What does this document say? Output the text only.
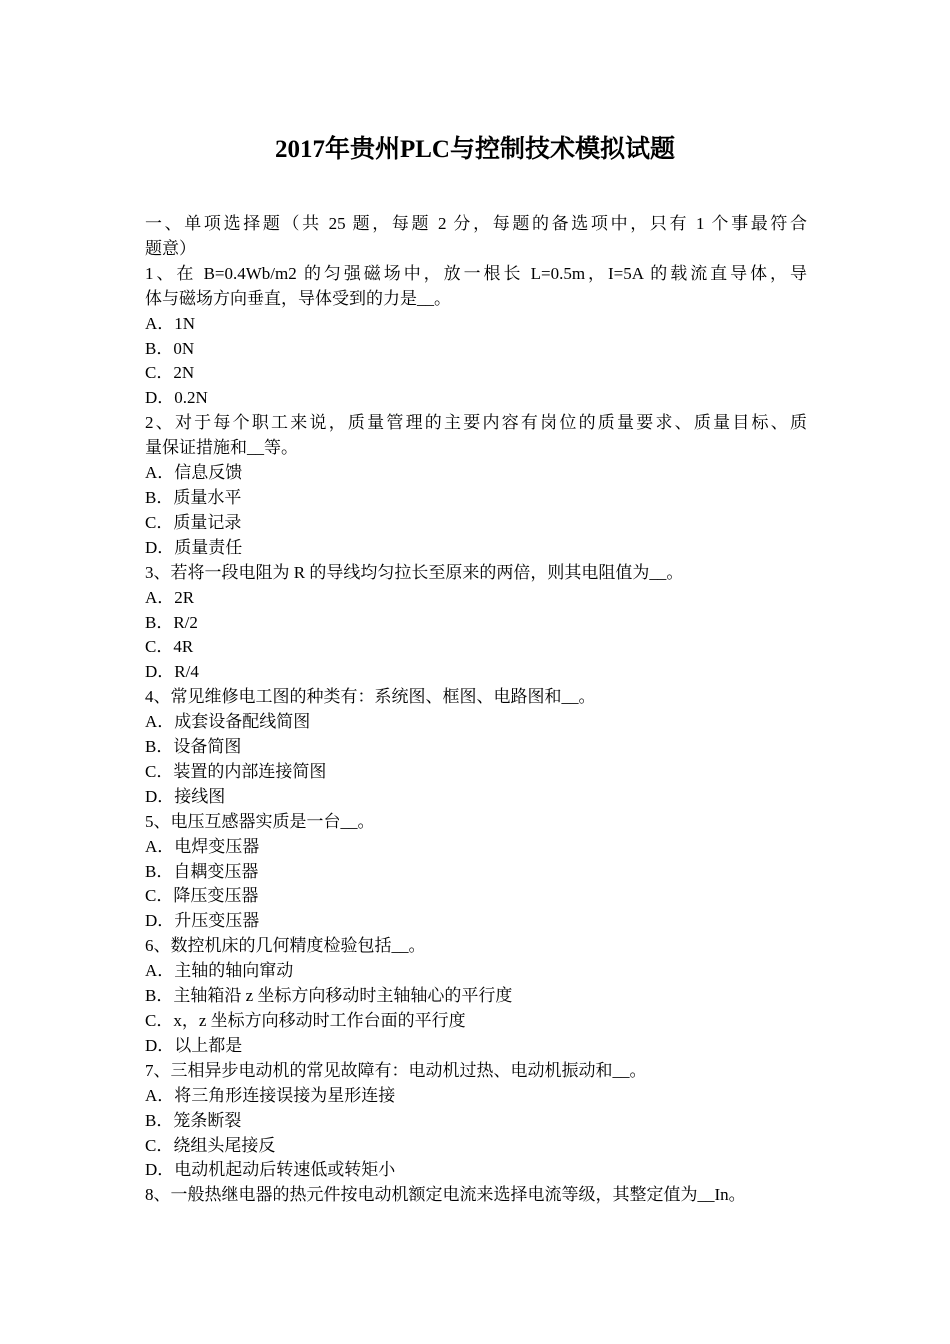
2017年贵州PLC与控制技术模拟试题

一、单项选择题（共 25 题，每题 2 分，每题的备选项中，只有 1 个事最符合

题意）

1、在 B=0.4Wb/m2 的匀强磁场中，放一根长 L=0.5m，I=5A 的载流直导体，导

体与磁场方向垂直，导体受到的力是__。

A．1N

B．0N

C．2N

D．0.2N

2、对于每个职工来说，质量管理的主要内容有岗位的质量要求、质量目标、质

量保证措施和__等。

A．信息反馈

B．质量水平

C．质量记录

D．质量责任

3、若将一段电阻为 R 的导线均匀拉长至原来的两倍，则其电阻值为__。

A．2R

B．R/2

C．4R

D．R/4

4、常见维修电工图的种类有：系统图、框图、电路图和__。

A．成套设备配线简图

B．设备简图

C．装置的内部连接简图

D．接线图

5、电压互感器实质是一台__。

A．电焊变压器

B．自耦变压器

C．降压变压器

D．升压变压器

6、数控机床的几何精度检验包括__。

A．主轴的轴向窜动

B．主轴箱沿 z 坐标方向移动时主轴轴心的平行度

C．x，z 坐标方向移动时工作台面的平行度

D．以上都是

7、三相异步电动机的常见故障有：电动机过热、电动机振动和__。

A．将三角形连接误接为星形连接

B．笼条断裂

C．绕组头尾接反

D．电动机起动后转速低或转矩小

8、一般热继电器的热元件按电动机额定电流来选择电流等级，其整定值为__In。
